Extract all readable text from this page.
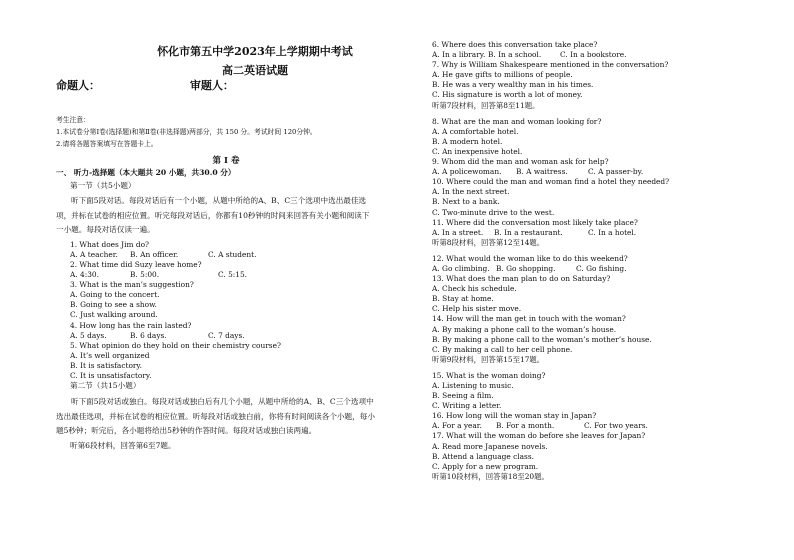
怀化市第五中学2023年上学期期中考试
高二英语试题
命题人：	审题人：
考生注意：
1.本试卷分第Ⅰ卷(选择题)和第Ⅱ卷(非选择题)两部分，共 150 分。考试时间 120分钟。
2.请将各题答案填写在答题卡上。
第 Ⅰ 卷
一、 听力-选择题（本大题共 20 小题，共30.0 分）
第一节（共5小题）
听下面5段对话。每段对话后有一个小题，从题中所给的A、B、C三个选项中选出最佳选项，并标在试卷的相应位置。听完每段对话后，你都有10秒钟的时间来回答有关小题和阅读下一小题。每段对话仅读一遍。
1. What does Jim do?
A. A teacher. B. An officer.	C. A student.
2. What time did Suzy leave home?
A. 4:30.	B. 5:00.	C. 5:15.
3. What is the man’s suggestion?
A. Going to the concert.
B. Going to see a show.
C. Just walking around.
4. How long has the rain lasted?
A. 5 days.	B. 6 days.	C. 7 days.
5. What opinion do they hold on their chemistry course?
A. It’s well organized
B. It is satisfactory.
C. It is unsatisfactory.
第二节（共15小题）
听下面5段对话或独白。每段对话或独白后有几个小题，从题中所给的A、B、C三个选项中选出最佳选项，并标在试卷的相应位置。听每段对话或独白前，你将有时间阅读各个小题，每小题5秒钟；听完后，各小题将给出5秒钟的作答时间。每段对话或独白读两遍。
听第6段材料，回答第6至7题。
6. Where does this conversation take place?
A. In a library. B. In a school.	C. In a bookstore.
7. Why is William Shakespeare mentioned in the conversation?
A. He gave gifts to millions of people.
B. He was a very wealthy man in his times.
C. His signature is worth a lot of money.
听第7段材料，回答第8至11题。
8. What are the man and woman looking for?
A. A comfortable hotel.
B. A modern hotel.
C. An inexpensive hotel.
9. Whom did the man and woman ask for help?
A. A policewoman. B. A waitress.	C. A passer-by.
10. Where could the man and woman find a hotel they needed?
A. In the next street.
B. Next to a bank.
C. Two-minute drive to the west.
11. Where did the conversation most likely take place?
A. In a street. B. In a restaurant.	C. In a hotel.
听第8段材料，回答第12至14题。
12. What would the woman like to do this weekend?
A. Go climbing. B. Go shopping.	C. Go fishing.
13. What does the man plan to do on Saturday?
A. Check his schedule.
B. Stay at home.
C. Help his sister move.
14. How will the man get in touch with the woman?
A. By making a phone call to the woman’s house.
B. By making a phone call to the woman’s mother’s house.
C. By making a call to her cell phone.
听第9段材料，回答第15至17题。
15. What is the woman doing?
A. Listening to music.
B. Seeing a film.
C. Writing a letter.
16. How long will the woman stay in Japan?
A. For a year. B. For a month.	C. For two years.
17. What will the woman do before she leaves for Japan?
A. Read more Japanese novels.
B. Attend a language class.
C. Apply for a new program.
听第10段材料，回答第18至20题。
